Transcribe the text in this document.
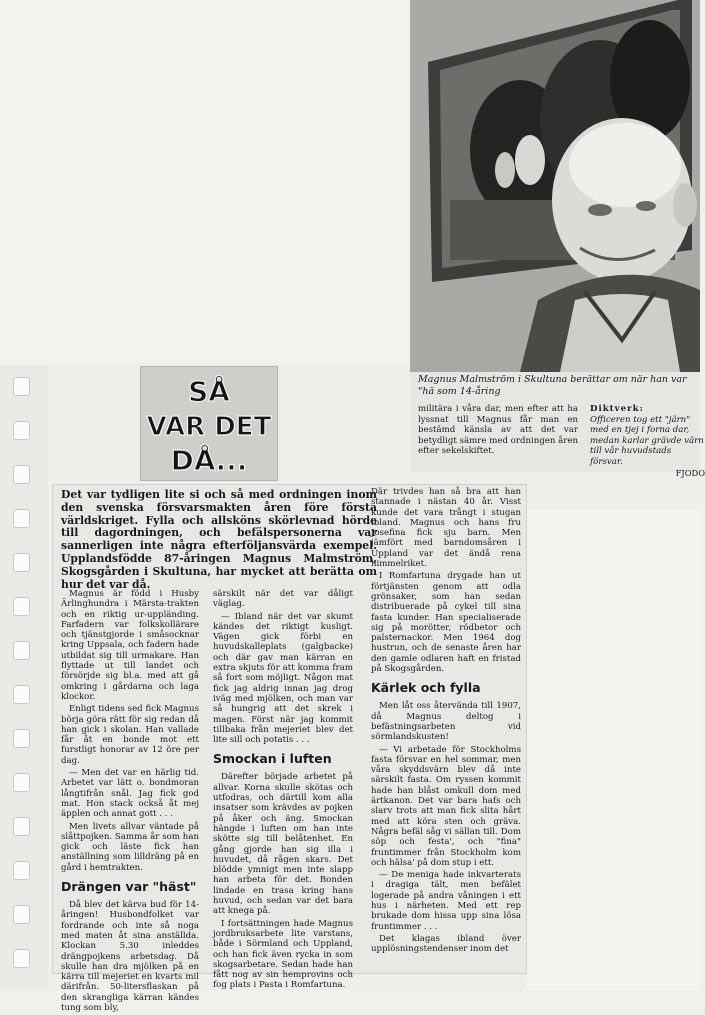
Magnus Malmström i Skultuna berättar om när han var "hä som 14-åring
militära i våra dar, men efter att ha lyssnat till Magnus får man en bestämd känsla av att det var betydligt sämre med ordningen åren efter sekelskiftet.
Diktverk:
Officeren tog ett "järn"
med en tjej i forna dar,
medan karlar grävde värn
till vår huvudstads försvar.
FJODO
SÅ
VAR DET
DÅ...
Det var tydligen lite si och så med ordningen inom den svenska försvarsmakten åren före första världskriget. Fylla och allsköns skörlevnad hörde till dagordningen, och befälspersonerna var sannerligen inte några efterföljansvärda exempel. Upplandsfödde 87-åringen Magnus Malmström, Skogsgården i Skultuna, har mycket att berätta om hur det var då.

Magnus är född i Husby Ärlinghundra i Märsta-trakten och en riktig ur-uppländing. Farfadern var folkskollärare och tjänstgjorde i småsocknar kring Uppsala, och fadern hade utbildat sig till urmakare. Han flyttade ut till landet och försörjde sig bl.a. med att gå omkring i gårdarna och laga klockor.

Enligt tidens sed fick Magnus börja göra rätt för sig redan då han gick i skolan. Han vallade får åt en bonde mot ett furstligt honorar av 12 öre per dag.

— Men det var en härlig tid. Arbetet var lätt o. bondmoran långtifrån snål. Jag fick god mat. Hon stack också åt mej äpplen och annat gott . . .

Men livets allvar väntade på slåttpojken. Samma år som han gick och läste fick han anställning som lilldräng på en gård i hemtrakten.

Drängen var "häst"

Då blev det kärva bud för 14-åringen! Husbondfolket var fordrande och inte så noga med maten åt sina anställda. Klockan 5.30 inleddes drängpojkens arbetsdag. Då skulle han dra mjölken på en kärra till mejeriet en kvarts mil därifrån. 50-litersflaskan på den skrangliga kärran kändes tung som bly,

särskilt när det var dåligt väglag.

— Ibland när det var skumt kändes det riktigt kusligt. Vägen gick förbi en huvudskalleplats (galgbacke) och där gav man kärran en extra skjuts för att komma fram så fort som möjligt. Någon mat fick jag aldrig innan jag drog iväg med mjölken, och man var så hungrig att det skrek i magen. Först när jag kommit tillbaka från mejeriet blev det lite sill och potatis . . .

Smockan i luften

Därefter började arbetet på allvar. Korna skulle skötas och utfodras, och därtill kom alla insatser som krävdes av pojken på åker och äng. Smockan hängde i luften om han inte skötte sig till belåtenhet. En gång gjorde han sig illa i huvudet, då rågen skars. Det blödde ymnigt men inte slapp han arbeta för det. Bonden lindade en trasa kring hans huvud, och sedan var det bara att knega på.

I fortsättningen hade Magnus jordbruksarbete lite varstans, både i Sörmland och Uppland, och han fick även rycka in som skogsarbetare. Sedan hade han fått nog av sin hemprovins och fog plats i Pasta i Romfartuna.

Där trivdes han så bra att han stannade i nästan 40 år. Visst kunde det vara trångt i stugan ibland. Magnus och hans fru Josefina fick sju barn. Men jämfört med barndomsåren i Uppland var det ändå rena himmelriket.

I Romfartuna drygade han ut förtjänsten genom att odla grönsaker, som han sedan distribuerade på cykel till sina fasta kunder. Han specialiserade sig på morötter, rödbetor och palsternackor. Men 1964 dog hustrun, och de senaste åren har den gamle odlaren haft en fristad på Skogsgården.

Kärlek och fylla

Men låt oss återvända till 1907, då Magnus deltog i befästningsarbeten vid sörmlandskusten!

— Vi arbetade för Stockholms fasta försvar en hel sommar, men våra skyddsvärn blev då inte särskilt fasta. Om ryssen kommit hade han blåst omkull dom med ärtkanon. Det var bara hafs och slarv trots att man fick slita hårt med att köra sten och gräva. Några befäl såg vi sällan till. Dom söp och festa', och "fina" fruntimmer från Stockholm kom och hälsa' på dom stup i ett.

— De meniga hade inkvarterats i dragiga tält, men befälet logerade på andra våningen i ett hus i närheten. Med ett rep brukade dom hissa upp sina lösa fruntimmer . . .

Det klagas ibland över upplösningstendenser inom det
